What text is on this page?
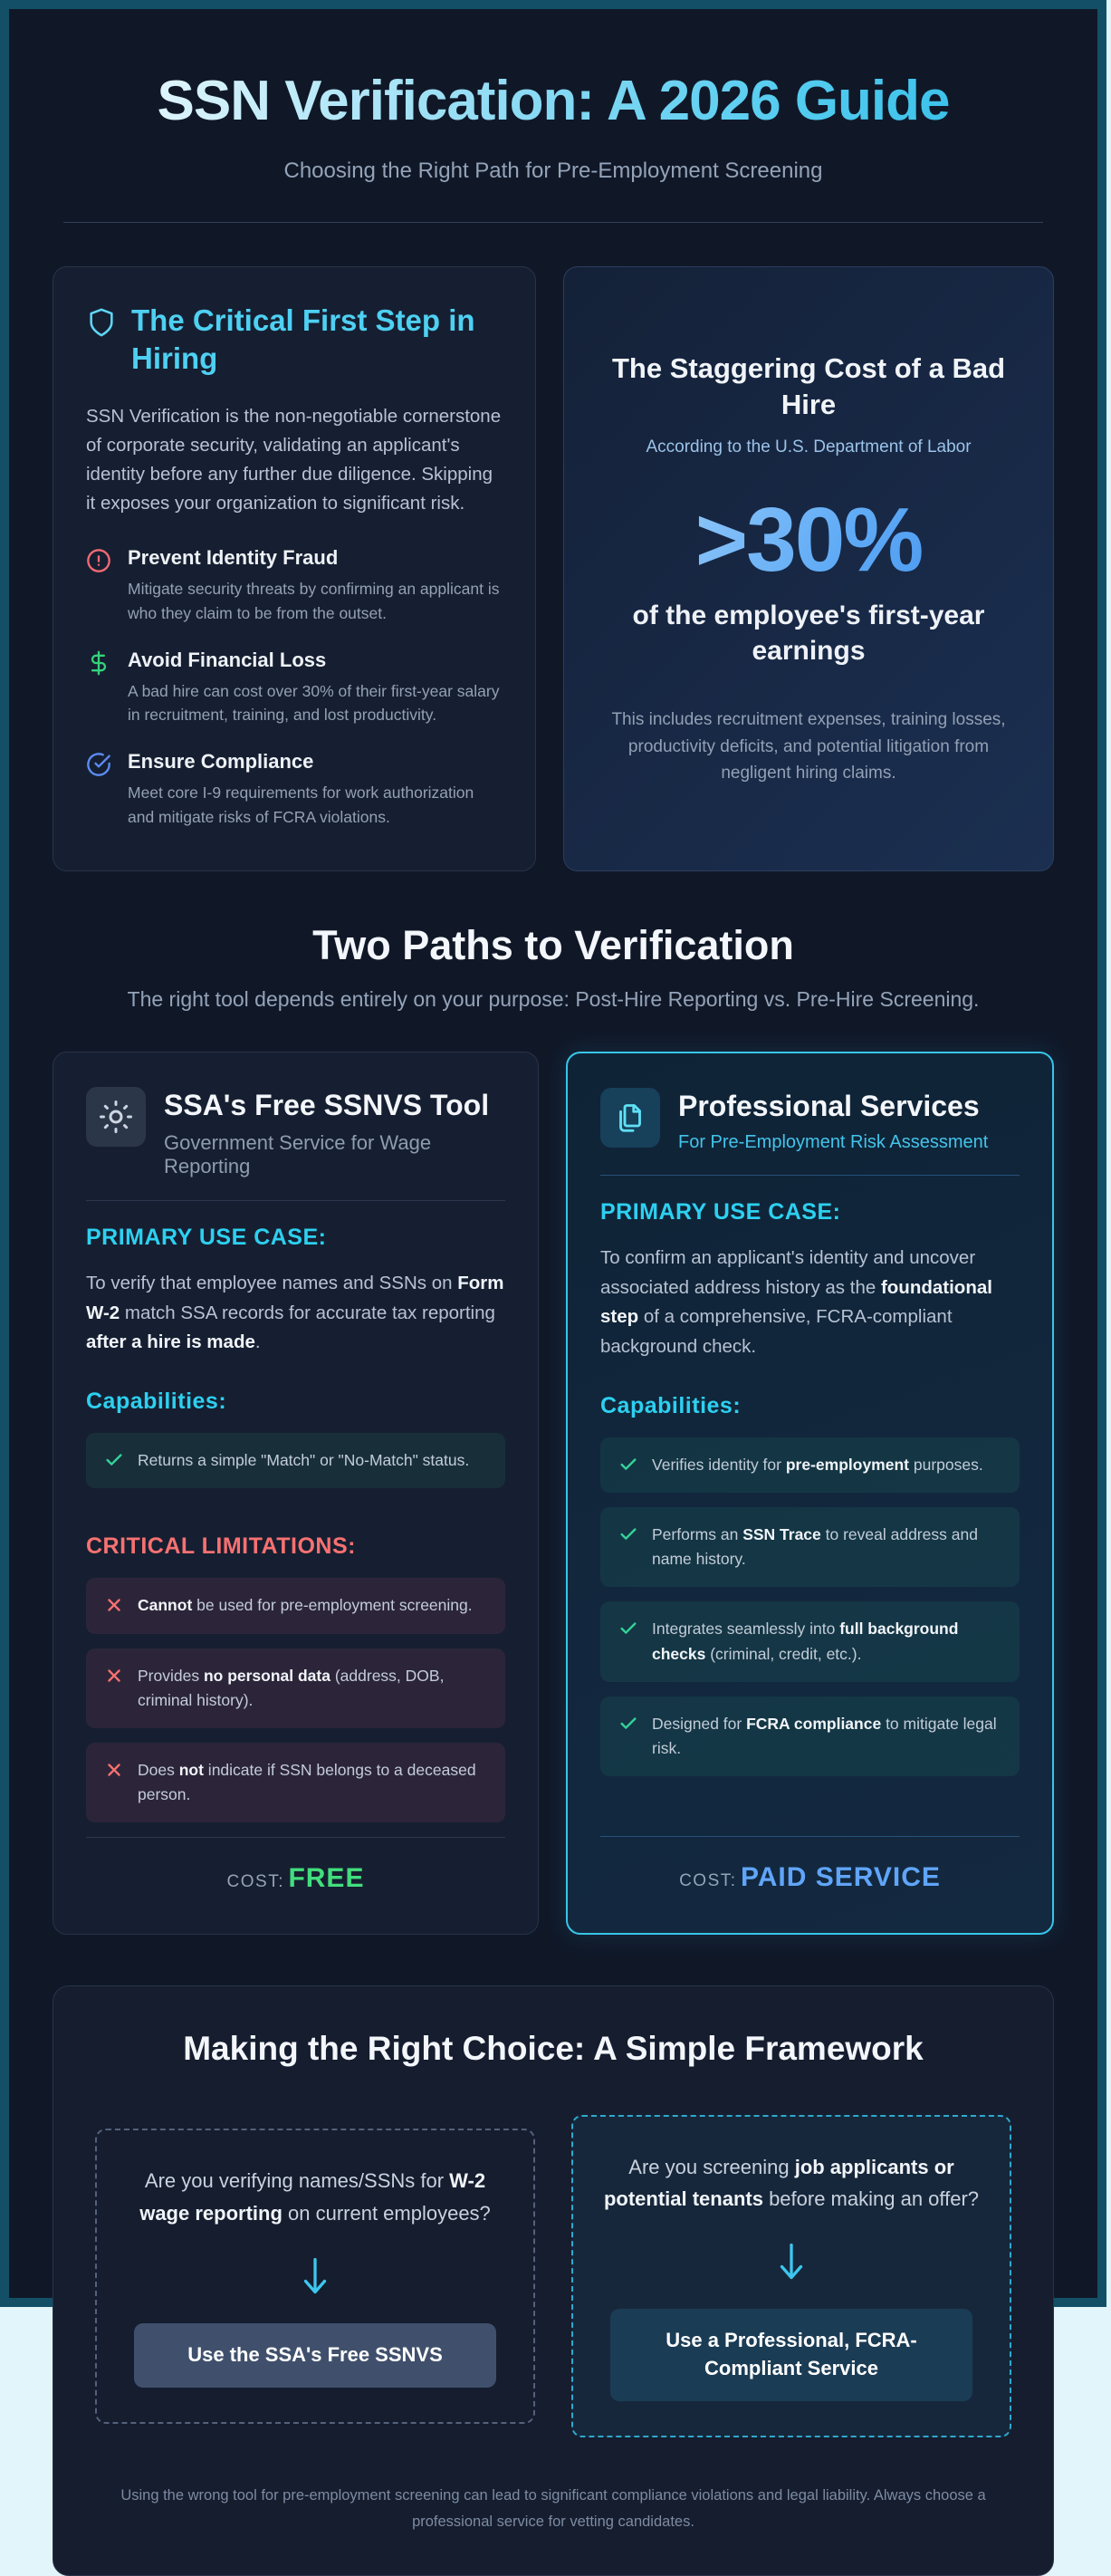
SSN Verification: A 2026 Guide

Choosing the Right Path for Pre-Employment Screening

The Critical First Step in Hiring

SSN Verification is the non-negotiable cornerstone of corporate security, validating an applicant's identity before any further due diligence. Skipping it exposes your organization to significant risk.

Prevent Identity Fraud
Mitigate security threats by confirming an applicant is who they claim to be from the outset.
Avoid Financial Loss
A bad hire can cost over 30% of their first-year salary in recruitment, training, and lost productivity.
Ensure Compliance
Meet core I-9 requirements for work authorization and mitigate risks of FCRA violations.
The Staggering Cost of a Bad Hire

According to the U.S. Department of Labor

>30%
of the employee's first-year earnings

This includes recruitment expenses, training losses, productivity deficits, and potential litigation from negligent hiring claims.

Two Paths to Verification

The right tool depends entirely on your purpose: Post-Hire Reporting vs. Pre-Hire Screening.

SSA's Free SSNVS Tool
Government Service for Wage Reporting
PRIMARY USE CASE:

To verify that employee names and SSNs on Form W-2 match SSA records for accurate tax reporting after a hire is made.

Capabilities:
Returns a simple "Match" or "No-Match" status.
CRITICAL LIMITATIONS:
Cannot be used for pre-employment screening.
Provides no personal data (address, DOB, criminal history).
Does not indicate if SSN belongs to a deceased person.
COST: FREE
Professional Services
For Pre-Employment Risk Assessment
PRIMARY USE CASE:

To confirm an applicant's identity and uncover associated address history as the foundational step of a comprehensive, FCRA-compliant background check.

Capabilities:
Verifies identity for pre-employment purposes.
Performs an SSN Trace to reveal address and name history.
Integrates seamlessly into full background checks (criminal, credit, etc.).
Designed for FCRA compliance to mitigate legal risk.
COST: PAID SERVICE
Making the Right Choice: A Simple Framework

Are you verifying names/SSNs for W-2 wage reporting on current employees?

Use the SSA's Free SSNVS

Are you screening job applicants or potential tenants before making an offer?

Use a Professional, FCRA-Compliant Service

Using the wrong tool for pre-employment screening can lead to significant compliance violations and legal liability. Always choose a professional service for vetting candidates.
